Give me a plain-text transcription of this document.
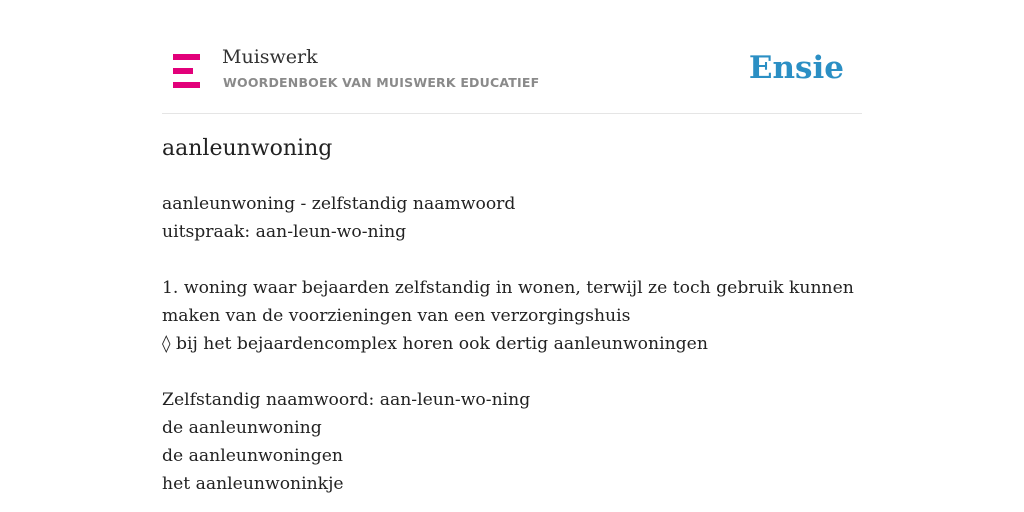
Muiswerk
WOORDENBOEK VAN MUISWERK EDUCATIEF	Ensie
aanleunwoning
aanleunwoning - zelfstandig naamwoord
uitspraak: aan-leun-wo-ning
1. woning waar bejaarden zelfstandig in wonen, terwijl ze toch gebruik kunnen
maken van de voorzieningen van een verzorgingshuis
◊ bij het bejaardencomplex horen ook dertig aanleunwoningen
Zelfstandig naamwoord: aan-leun-wo-ning
de aanleunwoning
de aanleunwoningen
het aanleunwoninkje
